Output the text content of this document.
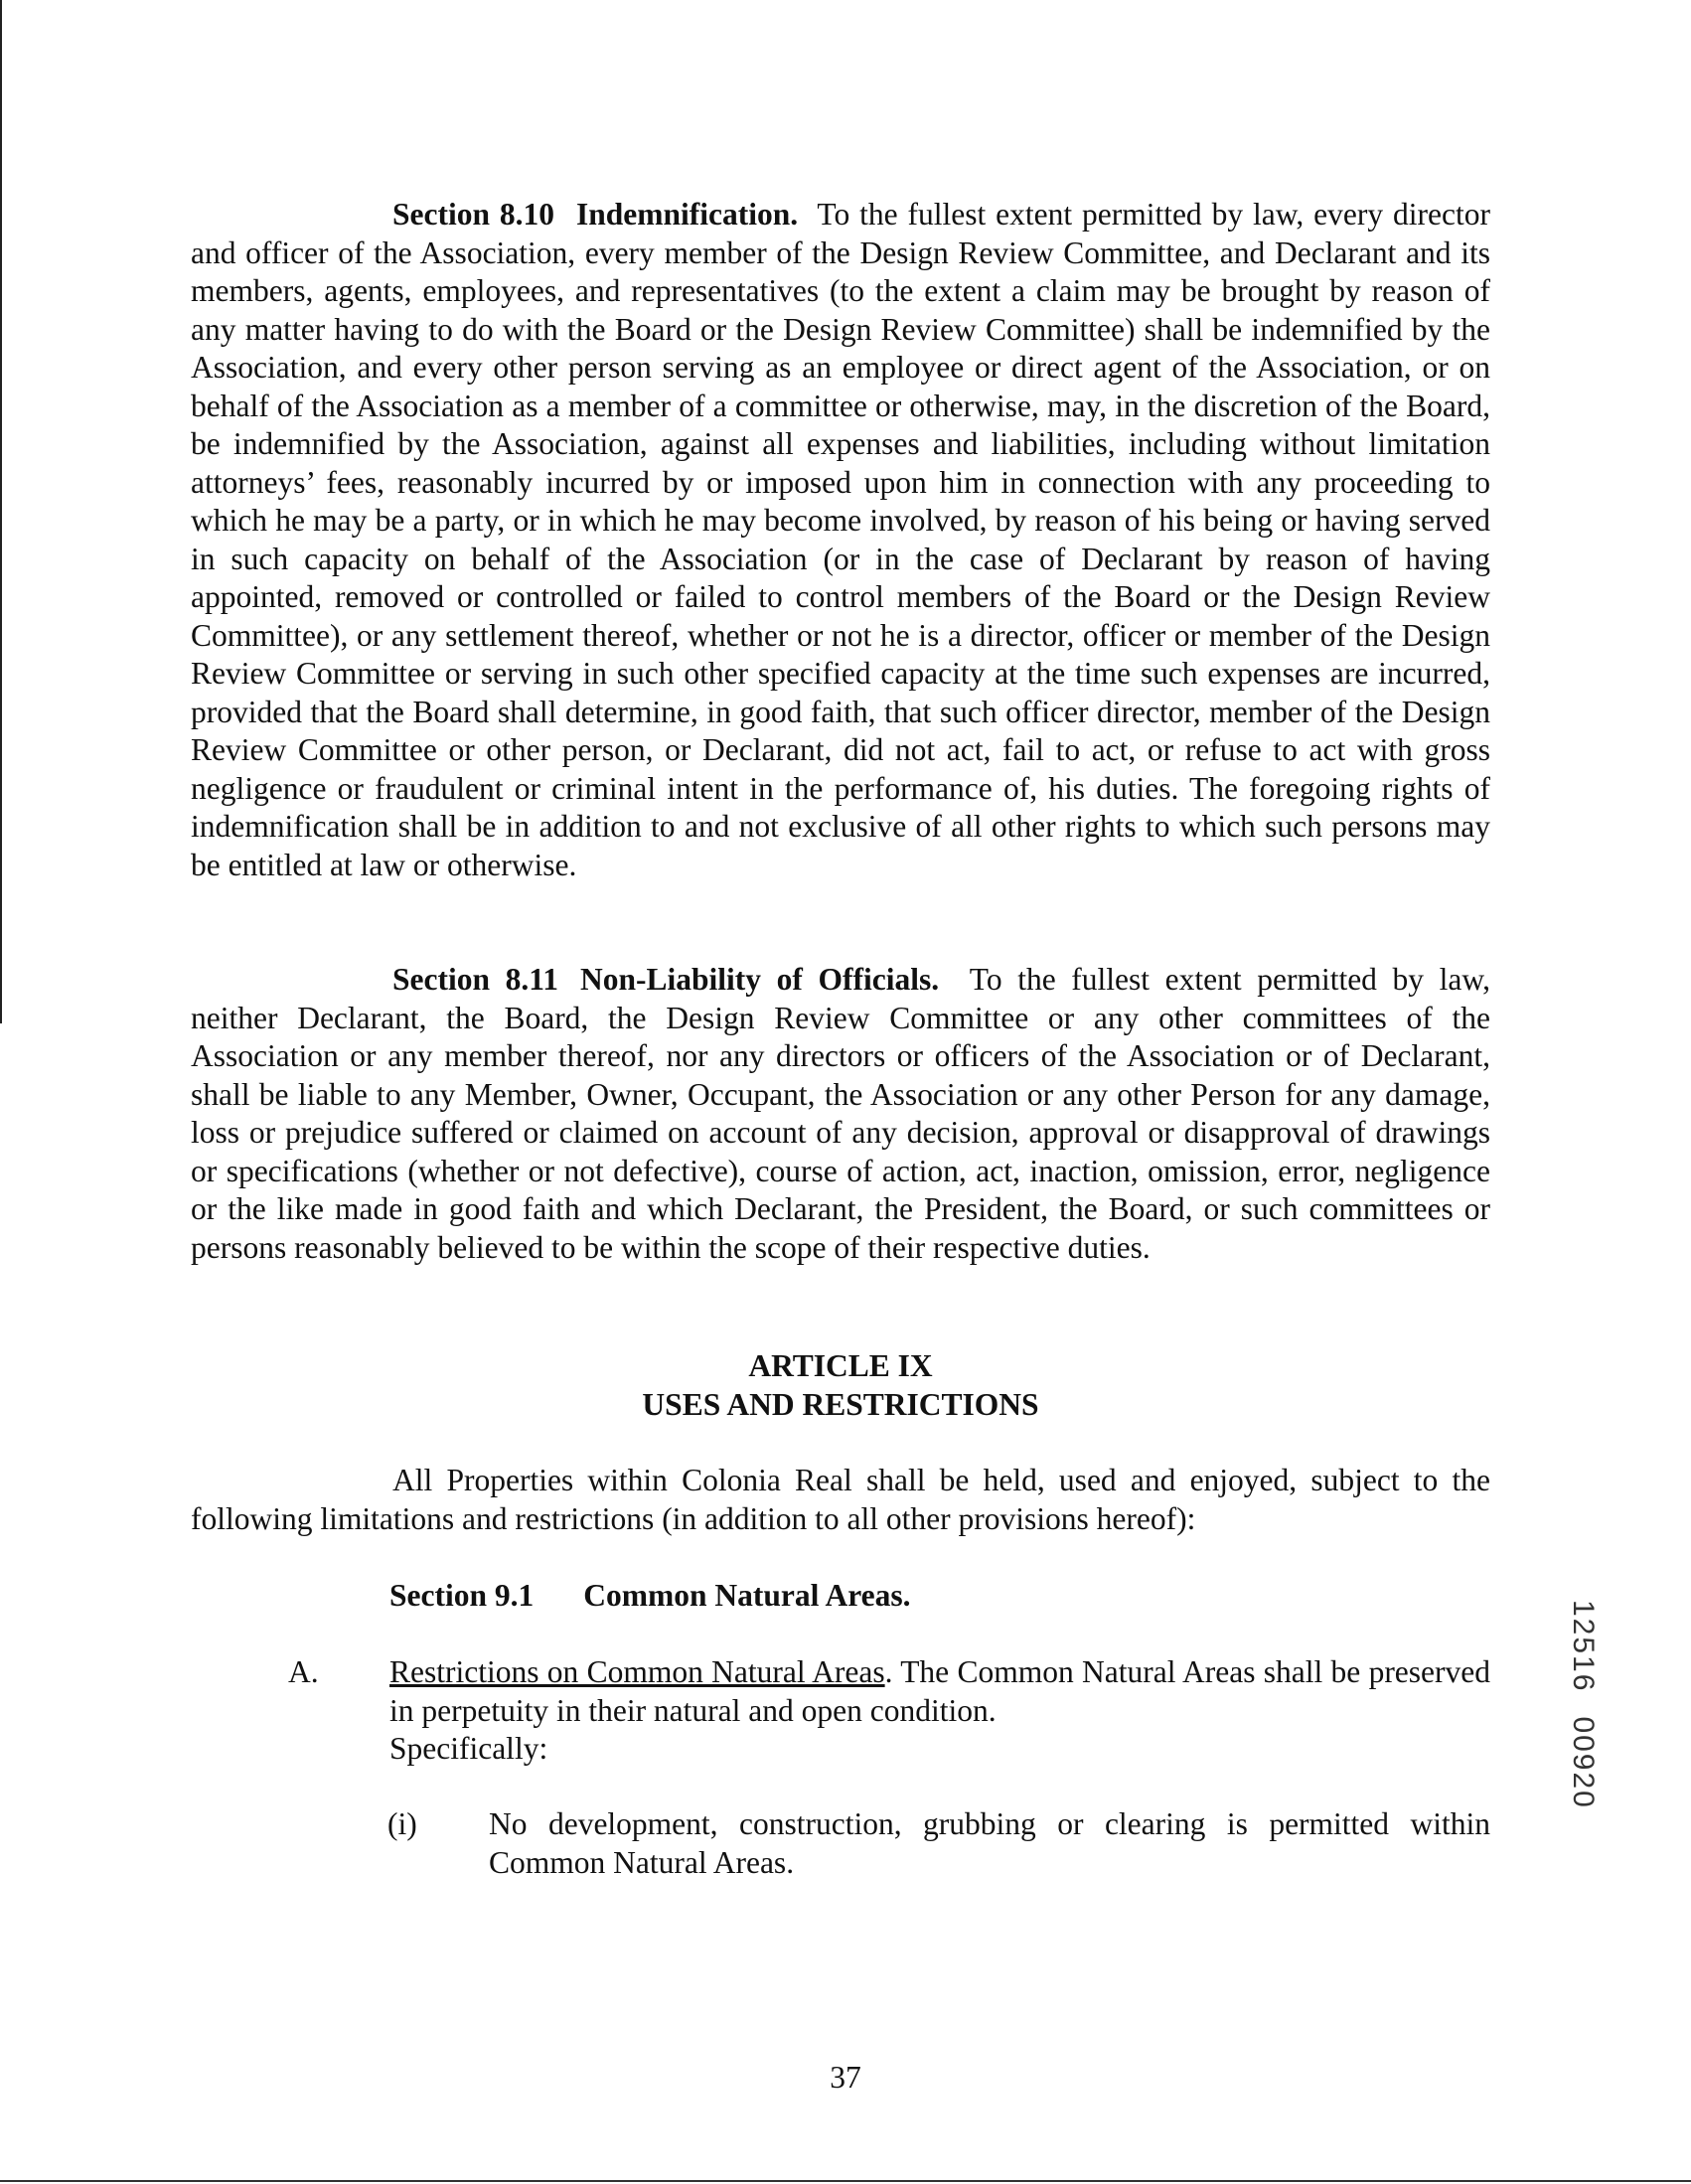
Section 8.10 Indemnification. To the fullest extent permitted by law, every director and officer of the Association, every member of the Design Review Committee, and Declarant and its members, agents, employees, and representatives (to the extent a claim may be brought by reason of any matter having to do with the Board or the Design Review Committee) shall be indemnified by the Association, and every other person serving as an employee or direct agent of the Association, or on behalf of the Association as a member of a committee or otherwise, may, in the discretion of the Board, be indemnified by the Association, against all expenses and liabilities, including without limitation attorneys’ fees, reasonably incurred by or imposed upon him in connection with any proceeding to which he may be a party, or in which he may become involved, by reason of his being or having served in such capacity on behalf of the Association (or in the case of Declarant by reason of having appointed, removed or controlled or failed to control members of the Board or the Design Review Committee), or any settlement thereof, whether or not he is a director, officer or member of the Design Review Committee or serving in such other specified capacity at the time such expenses are incurred, provided that the Board shall determine, in good faith, that such officer director, member of the Design Review Committee or other person, or Declarant, did not act, fail to act, or refuse to act with gross negligence or fraudulent or criminal intent in the performance of, his duties. The foregoing rights of indemnification shall be in addition to and not exclusive of all other rights to which such persons may be entitled at law or otherwise.

Section 8.11 Non-Liability of Officials. To the fullest extent permitted by law, neither Declarant, the Board, the Design Review Committee or any other committees of the Association or any member thereof, nor any directors or officers of the Association or of Declarant, shall be liable to any Member, Owner, Occupant, the Association or any other Person for any damage, loss or prejudice suffered or claimed on account of any decision, approval or disapproval of drawings or specifications (whether or not defective), course of action, act, inaction, omission, error, negligence or the like made in good faith and which Declarant, the President, the Board, or such committees or persons reasonably believed to be within the scope of their respective duties.

ARTICLE IX
USES AND RESTRICTIONS

All Properties within Colonia Real shall be held, used and enjoyed, subject to the following limitations and restrictions (in addition to all other provisions hereof):

Section 9.1 Common Natural Areas.
A. Restrictions on Common Natural Areas. The Common Natural Areas shall be preserved in perpetuity in their natural and open condition.
Specifically:
(i) No development, construction, grubbing or clearing is permitted within Common Natural Areas.
37
1251600920
